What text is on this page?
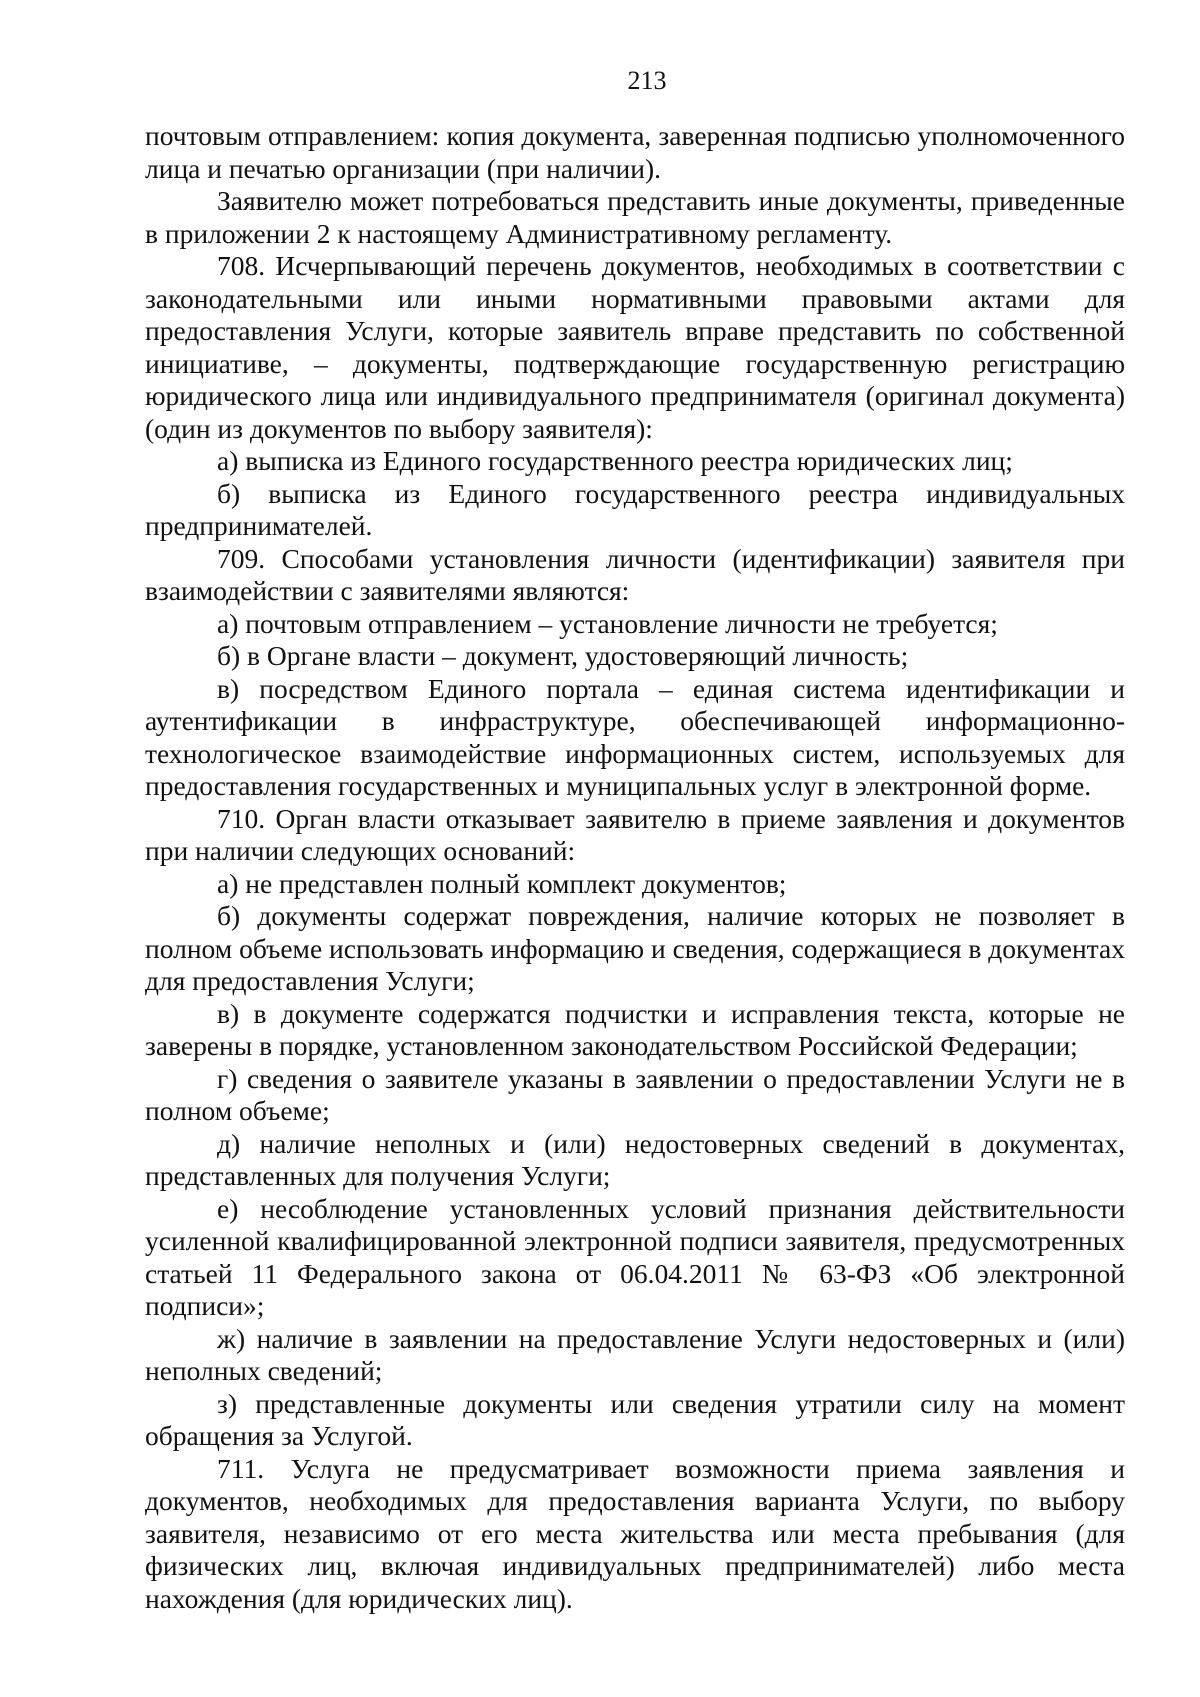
213

почтовым отправлением: копия документа, заверенная подписью уполномоченного лица и печатью организации (при наличии).

Заявителю может потребоваться представить иные документы, приведенные в приложении 2 к настоящему Административному регламенту.

708. Исчерпывающий перечень документов, необходимых в соответствии с законодательными или иными нормативными правовыми актами для предоставления Услуги, которые заявитель вправе представить по собственной инициативе, – документы, подтверждающие государственную регистрацию юридического лица или индивидуального предпринимателя (оригинал документа) (один из документов по выбору заявителя):

а) выписка из Единого государственного реестра юридических лиц;

б) выписка из Единого государственного реестра индивидуальных предпринимателей.

709. Способами установления личности (идентификации) заявителя при взаимодействии с заявителями являются:

а) почтовым отправлением – установление личности не требуется;

б) в Органе власти – документ, удостоверяющий личность;

в) посредством Единого портала – единая система идентификации и аутентификации в инфраструктуре, обеспечивающей информационно-технологическое взаимодействие информационных систем, используемых для предоставления государственных и муниципальных услуг в электронной форме.

710. Орган власти отказывает заявителю в приеме заявления и документов при наличии следующих оснований:

а) не представлен полный комплект документов;

б) документы содержат повреждения, наличие которых не позволяет в полном объеме использовать информацию и сведения, содержащиеся в документах для предоставления Услуги;

в) в документе содержатся подчистки и исправления текста, которые не заверены в порядке, установленном законодательством Российской Федерации;

г) сведения о заявителе указаны в заявлении о предоставлении Услуги не в полном объеме;

д) наличие неполных и (или) недостоверных сведений в документах, представленных для получения Услуги;

е) несоблюдение установленных условий признания действительности усиленной квалифицированной электронной подписи заявителя, предусмотренных статьей 11 Федерального закона от 06.04.2011 № 63-ФЗ «Об электронной подписи»;

ж) наличие в заявлении на предоставление Услуги недостоверных и (или) неполных сведений;

з) представленные документы или сведения утратили силу на момент обращения за Услугой.

711. Услуга не предусматривает возможности приема заявления и документов, необходимых для предоставления варианта Услуги, по выбору заявителя, независимо от его места жительства или места пребывания (для физических лиц, включая индивидуальных предпринимателей) либо места нахождения (для юридических лиц).
